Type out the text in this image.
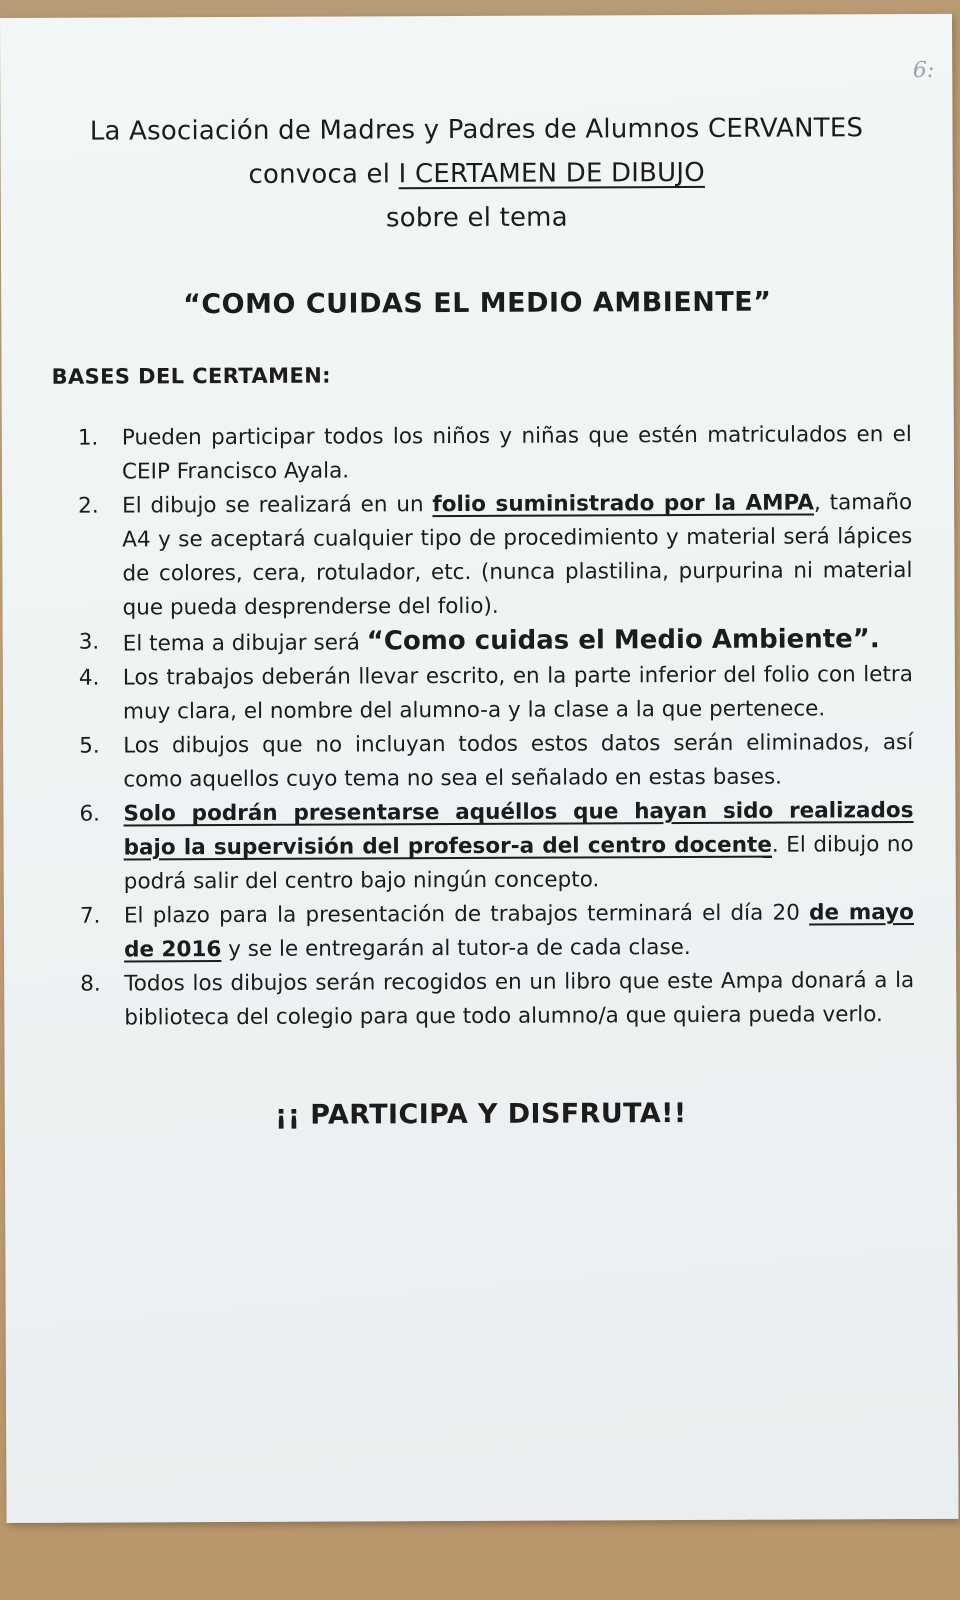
6:
La Asociación de Madres y Padres de Alumnos CERVANTES
convoca el I CERTAMEN DE DIBUJO
sobre el tema
“COMO CUIDAS EL MEDIO AMBIENTE”
BASES DEL CERTAMEN:
1. Pueden participar todos los niños y niñas que estén matriculados en el CEIP Francisco Ayala.
2. El dibujo se realizará en un folio suministrado por la AMPA, tamaño A4 y se aceptará cualquier tipo de procedimiento y material será lápices de colores, cera, rotulador, etc. (nunca plastilina, purpurina ni material que pueda desprenderse del folio).
3. El tema a dibujar será “Como cuidas el Medio Ambiente”.
4. Los trabajos deberán llevar escrito, en la parte inferior del folio con letra muy clara, el nombre del alumno-a y la clase a la que pertenece.
5. Los dibujos que no incluyan todos estos datos serán eliminados, así como aquellos cuyo tema no sea el señalado en estas bases.
6. Solo podrán presentarse aquéllos que hayan sido realizados bajo la supervisión del profesor-a del centro docente. El dibujo no podrá salir del centro bajo ningún concepto.
7. El plazo para la presentación de trabajos terminará el día 20 de mayo de 2016 y se le entregarán al tutor-a de cada clase.
8. Todos los dibujos serán recogidos en un libro que este Ampa donará a la biblioteca del colegio para que todo alumno/a que quiera pueda verlo.
¡¡ PARTICIPA Y DISFRUTA!!
